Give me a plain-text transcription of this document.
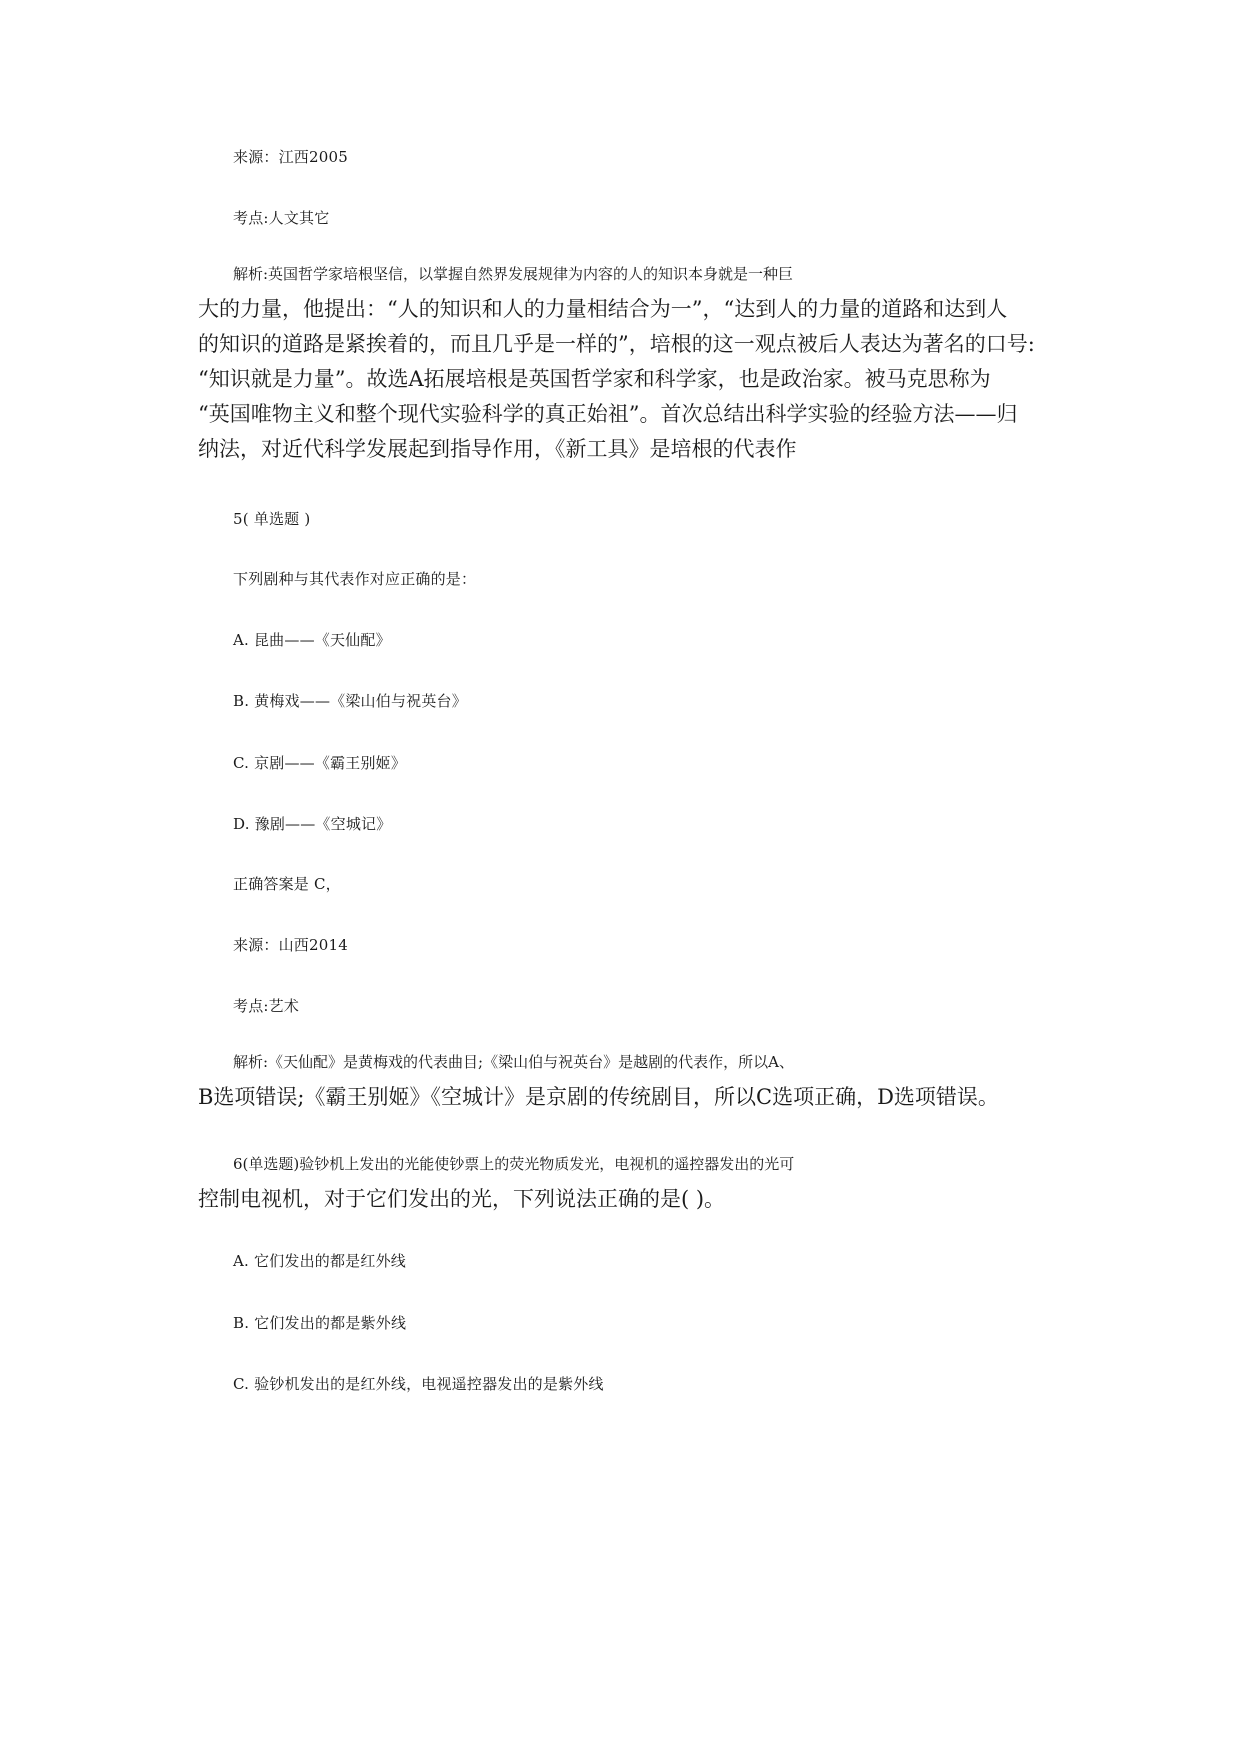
来源：江西2005
考点:人文其它
解析:英国哲学家培根坚信，以掌握自然界发展规律为内容的人的知识本身就是一种巨
大的力量，他提出：“人的知识和人的力量相结合为一”，“达到人的力量的道路和达到人
的知识的道路是紧挨着的，而且几乎是一样的”，培根的这一观点被后人表达为著名的口号:
“知识就是力量”。故选A拓展培根是英国哲学家和科学家，也是政治家。被马克思称为
“英国唯物主义和整个现代实验科学的真正始祖”。首次总结出科学实验的经验方法——归
纳法，对近代科学发展起到指导作用，《新工具》是培根的代表作
5( 单选题 )
下列剧种与其代表作对应正确的是：
A. 昆曲——《天仙配》
B. 黄梅戏——《梁山伯与祝英台》
C. 京剧——《霸王别姬》
D. 豫剧——《空城记》
正确答案是 C，
来源：山西2014
考点:艺术
解析:《天仙配》是黄梅戏的代表曲目;《梁山伯与祝英台》是越剧的代表作，所以A、
B选项错误;《霸王别姬》《空城计》是京剧的传统剧目，所以C选项正确，D选项错误。
6(单选题)验钞机上发出的光能使钞票上的荧光物质发光，电视机的遥控器发出的光可
控制电视机，对于它们发出的光，下列说法正确的是( )。
A. 它们发出的都是红外线
B. 它们发出的都是紫外线
C. 验钞机发出的是红外线，电视遥控器发出的是紫外线
